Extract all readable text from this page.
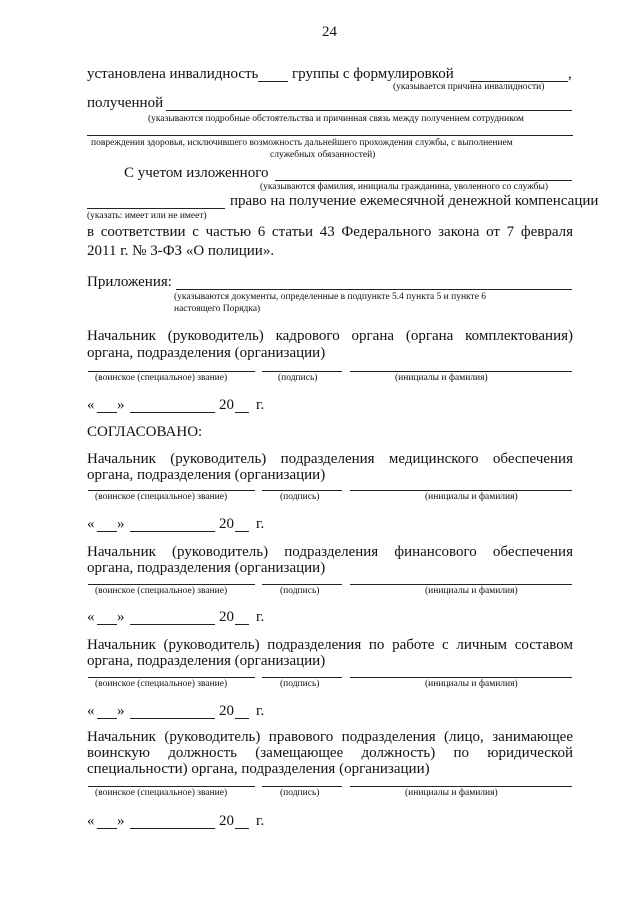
24
установлена инвалидность группы с формулировкой	,
(указывается причина инвалидности)
полученной
(указываются подробные обстоятельства и причинная связь между получением сотрудником
повреждения здоровья, исключившего возможность дальнейшего прохождения службы, с выполнением
служебных обязанностей)
С учетом изложенного
(указываются фамилия, инициалы гражданина, уволенного со службы)
право на получение ежемесячной денежной компенсации
(указать: имеет или не имеет)
в соответствии с частью 6 статьи 43 Федерального закона от 7 февраля
2011 г. № 3-ФЗ «О полиции».
Приложения:
(указываются документы, определенные в подпункте 5.4 пункта 5 и пункте 6
настоящего Порядка)
Начальник (руководитель) кадрового органа (органа комплектования)
органа, подразделения (организации)
(воинское (специальное) звание)	(подпись)	(инициалы и фамилия)
« »	20 г.
СОГЛАСОВАНО:
Начальник (руководитель) подразделения медицинского обеспечения
органа, подразделения (организации)
(воинское (специальное) звание)	(подпись)	(инициалы и фамилия)
« »	20 г.
Начальник (руководитель) подразделения финансового обеспечения
органа, подразделения (организации)
(воинское (специальное) звание)	(подпись)	(инициалы и фамилия)
« »	20 г.
Начальник (руководитель) подразделения по работе с личным составом
органа, подразделения (организации)
(воинское (специальное) звание)	(подпись)	(инициалы и фамилия)
« »	20 г.
Начальник (руководитель) правового подразделения (лицо, занимающее
воинскую должность (замещающее должность) по юридической
специальности) органа, подразделения (организации)
(воинское (специальное) звание)	(подпись)	(инициалы и фамилия)
« »	20 г.
